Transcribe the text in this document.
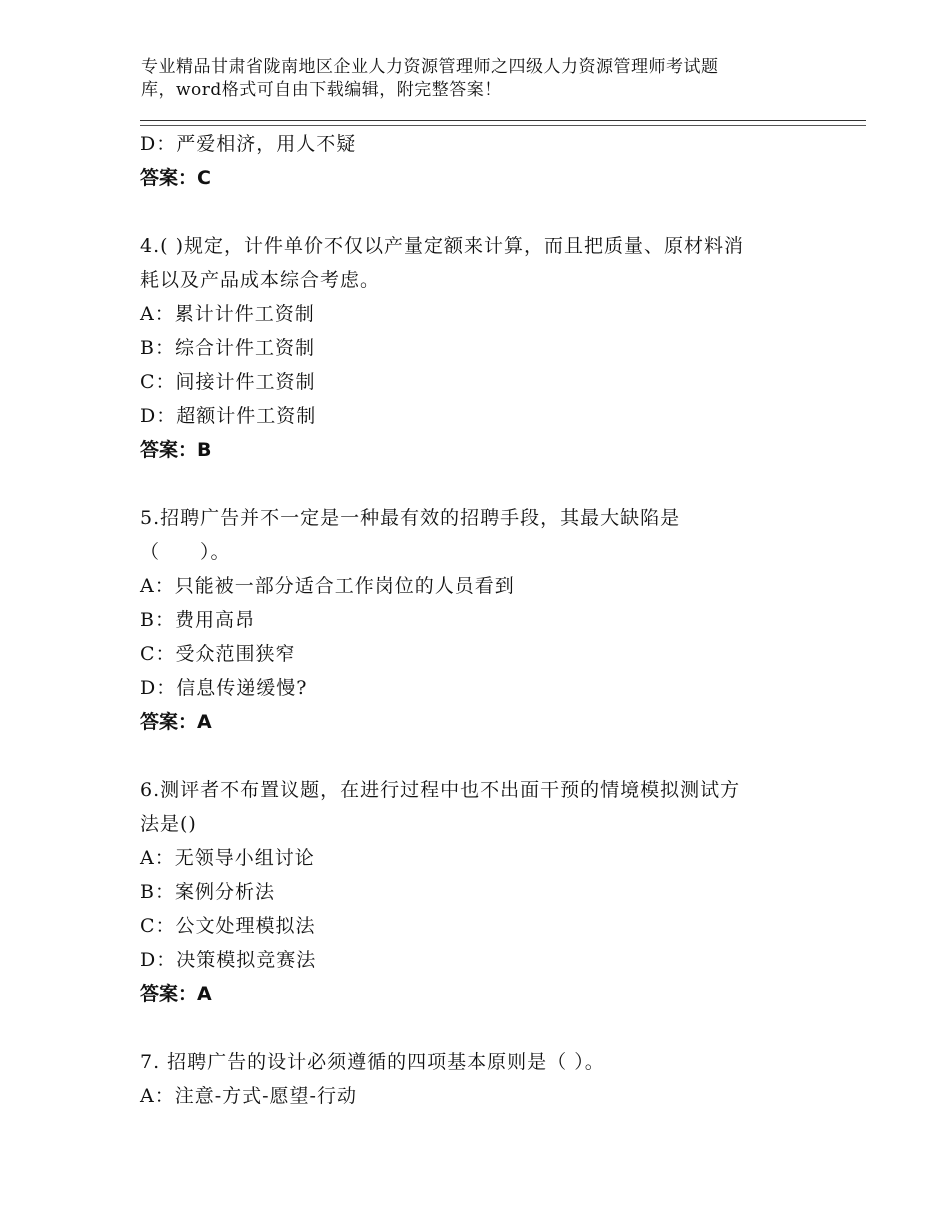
专业精品甘肃省陇南地区企业人力资源管理师之四级人力资源管理师考试题
库，word格式可自由下载编辑，附完整答案！
D：严爱相济，用人不疑
答案：C
4.( )规定，计件单价不仅以产量定额来计算，而且把质量、原材料消
耗以及产品成本综合考虑。
A：累计计件工资制
B：综合计件工资制
C：间接计件工资制
D：超额计件工资制
答案：B
5.招聘广告并不一定是一种最有效的招聘手段，其最大缺陷是
（　　）。
A：只能被一部分适合工作岗位的人员看到
B：费用高昂
C：受众范围狭窄
D：信息传递缓慢?
答案：A
6.测评者不布置议题，在进行过程中也不出面干预的情境模拟测试方
法是()
A：无领导小组讨论
B：案例分析法
C：公文处理模拟法
D：决策模拟竞赛法
答案：A
7. 招聘广告的设计必须遵循的四项基本原则是（ ）。
A：注意-方式-愿望-行动
